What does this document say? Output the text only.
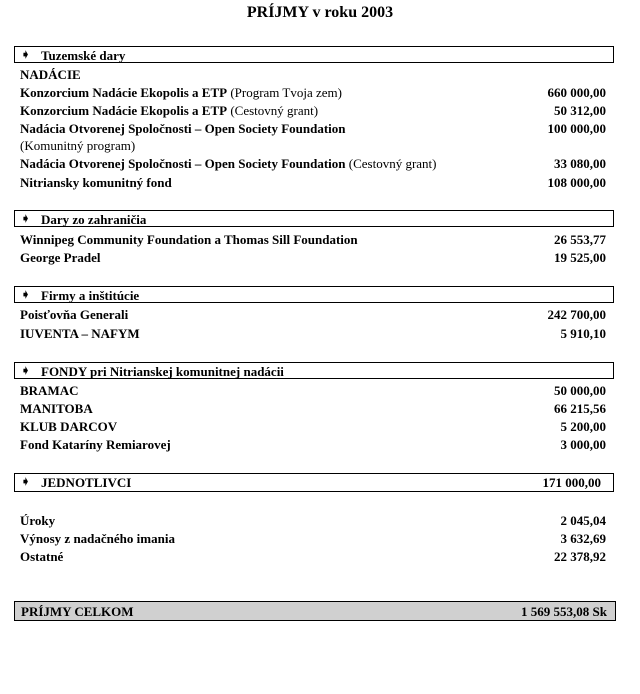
PRÍJMY v roku 2003
➧ Tuzemské dary
NADÁCIE
Konzorcium Nadácie Ekopolis a ETP (Program Tvoja zem)	660 000,00
Konzorcium Nadácie Ekopolis a ETP (Cestovný grant)	50 312,00
Nadácia Otvorenej Spoločnosti – Open Society Foundation	100 000,00
(Komunitný program)
Nadácia Otvorenej Spoločnosti – Open Society Foundation (Cestovný grant)	33 080,00
Nitriansky komunitný fond	108 000,00
➧ Dary zo zahraničia
Winnipeg Community Foundation a Thomas Sill Foundation	26 553,77
George Pradel	19 525,00
➧ Firmy a inštitúcie
Poisťovňa Generali	242 700,00
IUVENTA – NAFYM	5 910,10
➧ FONDY pri Nitrianskej komunitnej nadácii
BRAMAC	50 000,00
MANITOBA	66 215,56
KLUB DARCOV	5 200,00
Fond Kataríny Remiarovej	3 000,00
➧ JEDNOTLIVCI	171 000,00
Úroky	2 045,04
Výnosy z nadačného imania	3 632,69
Ostatné	22 378,92
PRÍJMY CELKOM	1 569 553,08 Sk
